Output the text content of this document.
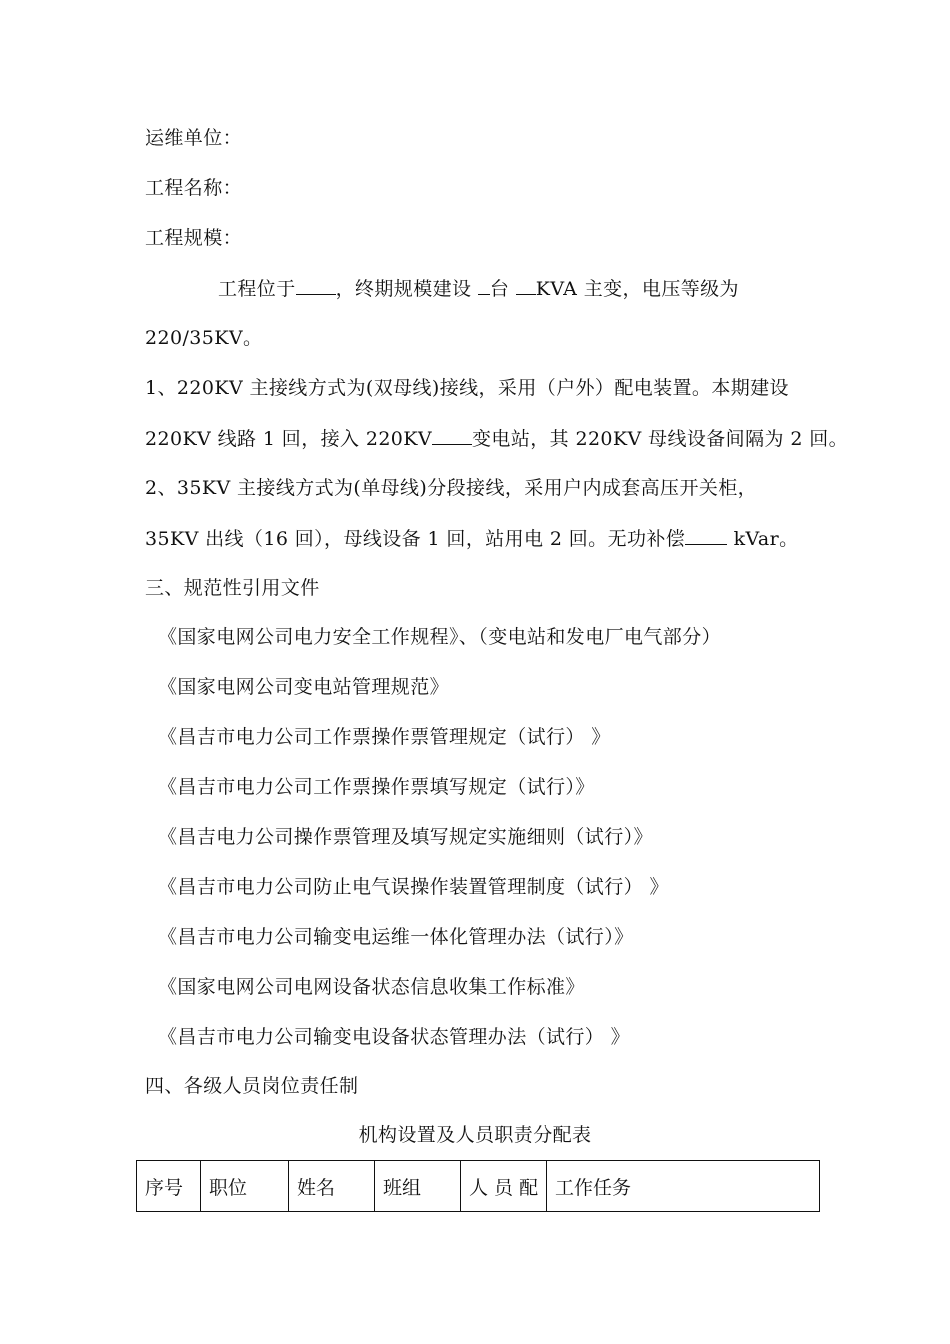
运维单位：
工程名称：
工程规模：
工程位于 ，终期规模建设 台 KVA 主变，电压等级为
220/35KV。
1、220KV 主接线方式为(双母线)接线，采用（户外）配电装置。本期建设
220KV 线路 1 回，接入 220KV 变电站，其 220KV 母线设备间隔为 2 回。
2、35KV 主接线方式为(单母线)分段接线，采用户内成套高压开关柜，
35KV 出线（16 回），母线设备 1 回，站用电 2 回。无功补偿	kVar。
三、规范性引用文件
《国家电网公司电力安全工作规程》、（变电站和发电厂电气部分）
《国家电网公司变电站管理规范》
《昌吉市电力公司工作票操作票管理规定（试行） 》
《昌吉市电力公司工作票操作票填写规定（试行）》
《昌吉电力公司操作票管理及填写规定实施细则（试行）》
《昌吉市电力公司防止电气误操作装置管理制度（试行） 》
《昌吉市电力公司输变电运维一体化管理办法（试行）》
《国家电网公司电网设备状态信息收集工作标准》
《昌吉市电力公司输变电设备状态管理办法（试行） 》
四、各级人员岗位责任制
机构设置及人员职责分配表
序号	职位	姓名	班组	人 员 配	工作任务
